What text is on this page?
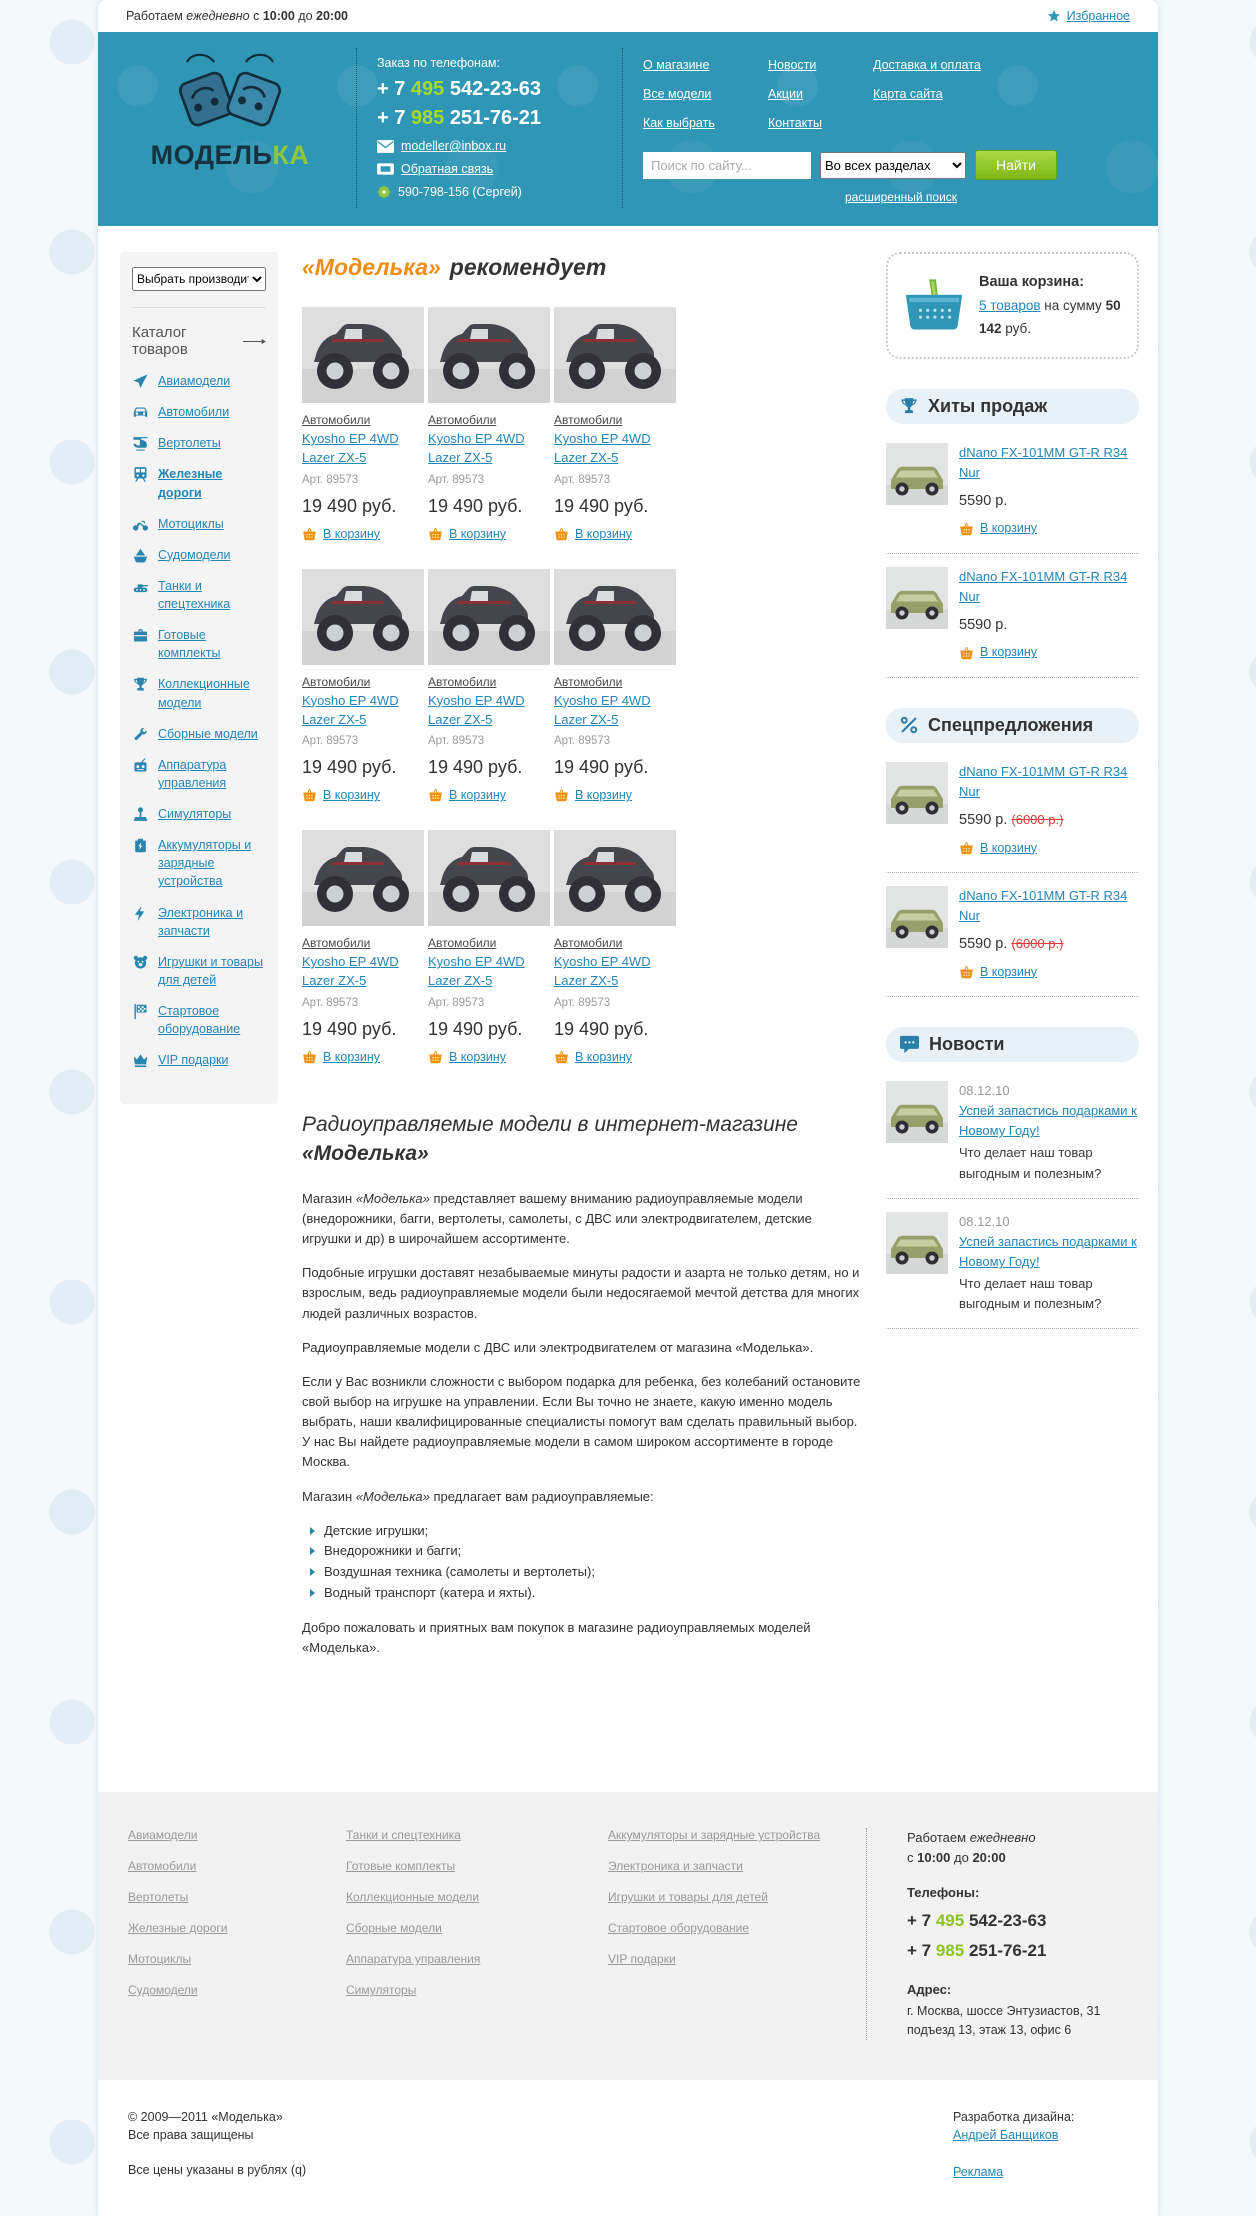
Работаем ежедневно с 10:00 до 20:00	Избранное
МОДЕЛЬКА
Заказ по телефонам:
+ 7 495 542-23-63
+ 7 985 251-76-21
modeller@inbox.ru
Обратная связь
590-798-156 (Сергей)
О магазине
Все модели
Как выбрать
Новости
Акции
Контакты
Доставка и оплата
Карта сайта
Поиск по сайту...
Во всех разделах
Найти
расширенный поиск
Выбрать производителя
Каталог товаров
Авиамодели
Автомобили
Вертолеты
Железные дороги
Мотоциклы
Судомодели
Танки и спецтехника
Готовые комплекты
Коллекционные модели
Сборные модели
Аппаратура управления
Симуляторы
Аккумуляторы и зарядные устройства
Электроника и запчасти
Игрушки и товары для детей
Стартовое оборудование
VIP подарки
«Моделька» рекомендует
Автомобили
Kyosho EP 4WD Lazer ZX-5
Арт. 89573
19 490 руб.
В корзину
Автомобили
Kyosho EP 4WD Lazer ZX-5
Арт. 89573
19 490 руб.
В корзину
Автомобили
Kyosho EP 4WD Lazer ZX-5
Арт. 89573
19 490 руб.
В корзину
Автомобили
Kyosho EP 4WD Lazer ZX-5
Арт. 89573
19 490 руб.
В корзину
Автомобили
Kyosho EP 4WD Lazer ZX-5
Арт. 89573
19 490 руб.
В корзину
Автомобили
Kyosho EP 4WD Lazer ZX-5
Арт. 89573
19 490 руб.
В корзину
Автомобили
Kyosho EP 4WD Lazer ZX-5
Арт. 89573
19 490 руб.
В корзину
Автомобили
Kyosho EP 4WD Lazer ZX-5
Арт. 89573
19 490 руб.
В корзину
Автомобили
Kyosho EP 4WD Lazer ZX-5
Арт. 89573
19 490 руб.
В корзину
Радиоуправляемые модели в интернет-магазине «Моделька»

Магазин «Моделька» представляет вашему вниманию радиоуправляемые модели (внедорожники, багги, вертолеты, самолеты, с ДВС или электродвигателем, детские игрушки и др) в широчайшем ассортименте.

Подобные игрушки доставят незабываемые минуты радости и азарта не только детям, но и взрослым, ведь радиоуправляемые модели были недосягаемой мечтой детства для многих людей различных возрастов.

Радиоуправляемые модели с ДВС или электродвигателем от магазина «Моделька».

Если у Вас возникли сложности с выбором подарка для ребенка, без колебаний остановите свой выбор на игрушке на управлении. Если Вы точно не знаете, какую именно модель выбрать, наши квалифицированные специалисты помогут вам сделать правильный выбор. У нас Вы найдете радиоуправляемые модели в самом широком ассортименте в городе Москва.

Магазин «Моделька» предлагает вам радиоуправляемые:

Детские игрушки;
Внедорожники и багги;
Воздушная техника (самолеты и вертолеты);
Водный транспорт (катера и яхты).

Добро пожаловать и приятных вам покупок в магазине радиоуправляемых моделей «Моделька».

Ваша корзина:
5 товаров на сумму 50 142 руб.
Хиты продаж
dNano FX-101MM GT-R R34 Nur
5590 р.
В корзину
dNano FX-101MM GT-R R34 Nur
5590 р.
В корзину
Спецпредложения
dNano FX-101MM GT-R R34 Nur
5590 р. (6000 р.)
В корзину
dNano FX-101MM GT-R R34 Nur
5590 р. (6000 р.)
В корзину
Новости
08.12.10
Успей запастись подарками к Новому Году!
Что делает наш товар выгодным и полезным?
08.12.10
Успей запастись подарками к Новому Году!
Что делает наш товар выгодным и полезным?
Авиамодели
Автомобили
Вертолеты
Железные дороги
Мотоциклы
Судомодели
Танки и спецтехника
Готовые комплекты
Коллекционные модели
Сборные модели
Аппаратура управления
Симуляторы
Аккумуляторы и зарядные устройства
Электроника и запчасти
Игрушки и товары для детей
Стартовое оборудование
VIP подарки
Работаем ежедневно
с 10:00 до 20:00
Телефоны:
+ 7 495 542-23-63
+ 7 985 251-76-21
Адрес:
г. Москва, шоссе Энтузиастов, 31
подъезд 13, этаж 13, офис 6
© 2009—2011 «Моделька»
Все права защищены
Все цены указаны в рублях (q)
Разработка дизайна:
Андрей Банщиков
Реклама
